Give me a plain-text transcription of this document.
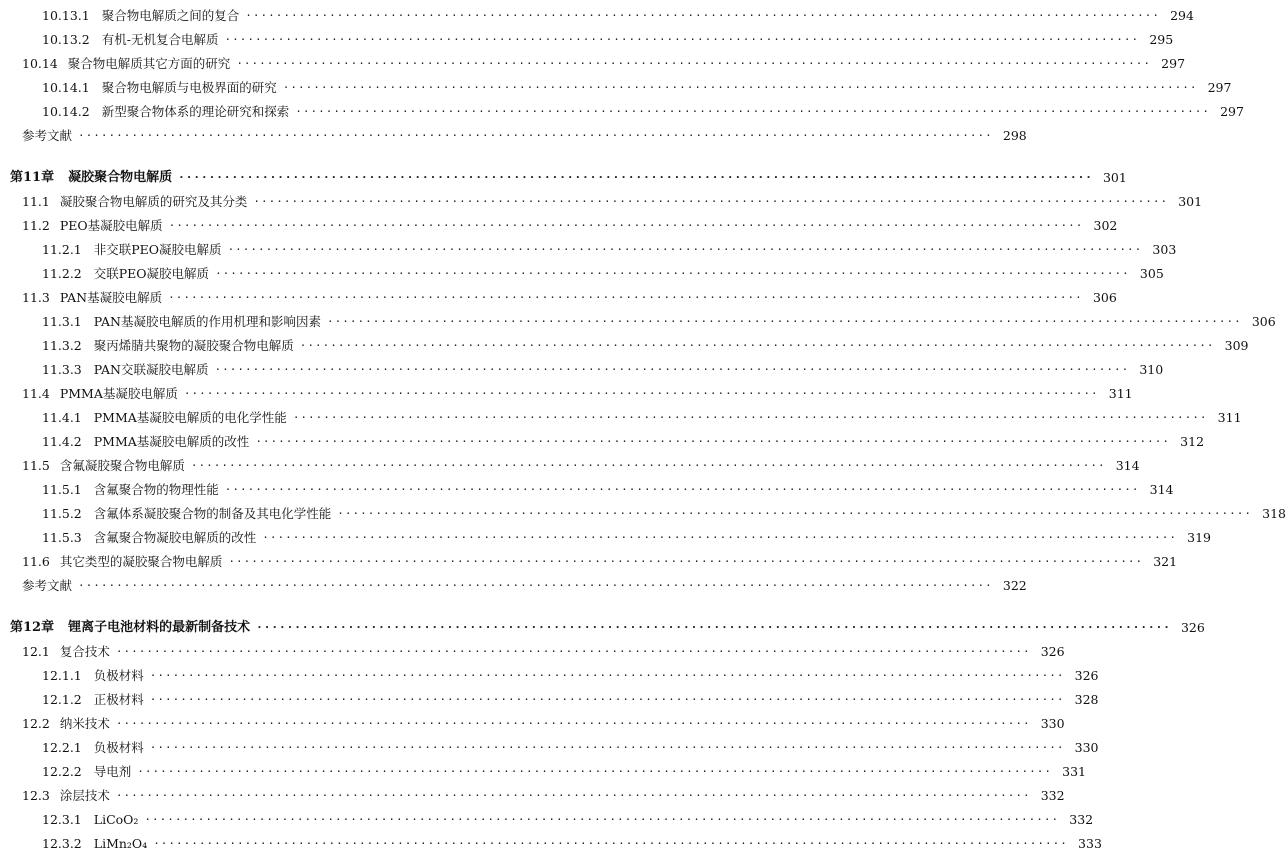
10.13.1 聚合物电解质之间的复合 ························································································································ 294
10.13.2 有机-无机复合电解质 ························································································································ 295
10.14 聚合物电解质其它方面的研究 ························································································································ 297
10.14.1 聚合物电解质与电极界面的研究 ························································································································ 297
10.14.2 新型聚合物体系的理论研究和探索 ························································································································ 297
参考文献 ························································································································ 298
第11章 凝胶聚合物电解质 ························································································································ 301
11.1 凝胶聚合物电解质的研究及其分类 ························································································································ 301
11.2 PEO基凝胶电解质 ························································································································ 302
11.2.1 非交联PEO凝胶电解质 ························································································································ 303
11.2.2 交联PEO凝胶电解质 ························································································································ 305
11.3 PAN基凝胶电解质 ························································································································ 306
11.3.1 PAN基凝胶电解质的作用机理和影响因素 ························································································································ 306
11.3.2 聚丙烯腈共聚物的凝胶聚合物电解质 ························································································································ 309
11.3.3 PAN交联凝胶电解质 ························································································································ 310
11.4 PMMA基凝胶电解质 ························································································································ 311
11.4.1 PMMA基凝胶电解质的电化学性能 ························································································································ 311
11.4.2 PMMA基凝胶电解质的改性 ························································································································ 312
11.5 含氟凝胶聚合物电解质 ························································································································ 314
11.5.1 含氟聚合物的物理性能 ························································································································ 314
11.5.2 含氟体系凝胶聚合物的制备及其电化学性能 ························································································································ 318
11.5.3 含氟聚合物凝胶电解质的改性 ························································································································ 319
11.6 其它类型的凝胶聚合物电解质 ························································································································ 321
参考文献 ························································································································ 322
第12章 锂离子电池材料的最新制备技术 ························································································································ 326
12.1 复合技术 ························································································································ 326
12.1.1 负极材料 ························································································································ 326
12.1.2 正极材料 ························································································································ 328
12.2 纳米技术 ························································································································ 330
12.2.1 负极材料 ························································································································ 330
12.2.2 导电剂 ························································································································ 331
12.3 涂层技术 ························································································································ 332
12.3.1 LiCoO₂ ························································································································ 332
12.3.2 LiMn₂O₄ ························································································································ 333
